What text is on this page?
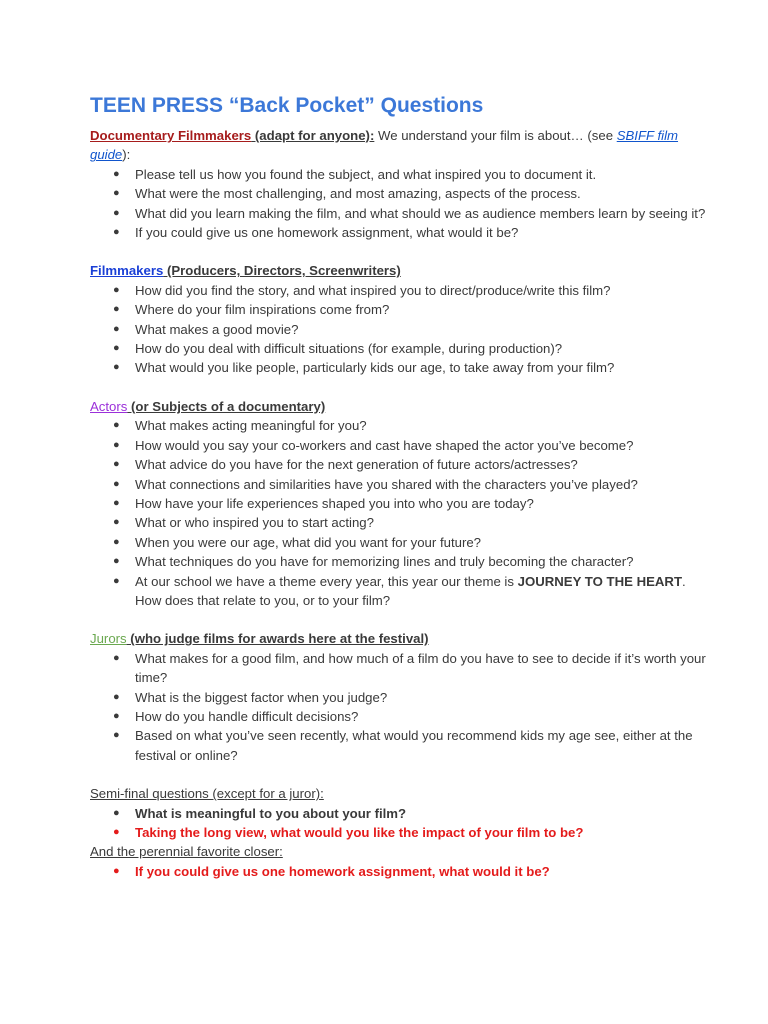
TEEN PRESS “Back Pocket” Questions
Documentary Filmmakers (adapt for anyone): We understand your film is about… (see SBIFF film guide):
● Please tell us how you found the subject, and what inspired you to document it.
● What were the most challenging, and most amazing, aspects of the process.
● What did you learn making the film, and what should we as audience members learn by seeing it?
● If you could give us one homework assignment, what would it be?
Filmmakers (Producers, Directors, Screenwriters)
● How did you find the story, and what inspired you to direct/produce/write this film?
● Where do your film inspirations come from?
● What makes a good movie?
● How do you deal with difficult situations (for example, during production)?
● What would you like people, particularly kids our age, to take away from your film?
Actors (or Subjects of a documentary)
● What makes acting meaningful for you?
● How would you say your co-workers and cast have shaped the actor you’ve become?
● What advice do you have for the next generation of future actors/actresses?
● What connections and similarities have you shared with the characters you’ve played?
● How have your life experiences shaped you into who you are today?
● What or who inspired you to start acting?
● When you were our age, what did you want for your future?
● What techniques do you have for memorizing lines and truly becoming the character?
● At our school we have a theme every year, this year our theme is JOURNEY TO THE HEART. How does that relate to you, or to your film?
Jurors (who judge films for awards here at the festival)
● What makes for a good film, and how much of a film do you have to see to decide if it’s worth your time?
● What is the biggest factor when you judge?
● How do you handle difficult decisions?
● Based on what you’ve seen recently, what would you recommend kids my age see, either at the festival or online?
Semi-final questions (except for a juror):
● What is meaningful to you about your film?
● Taking the long view, what would you like the impact of your film to be?
And the perennial favorite closer:
● If you could give us one homework assignment, what would it be?
